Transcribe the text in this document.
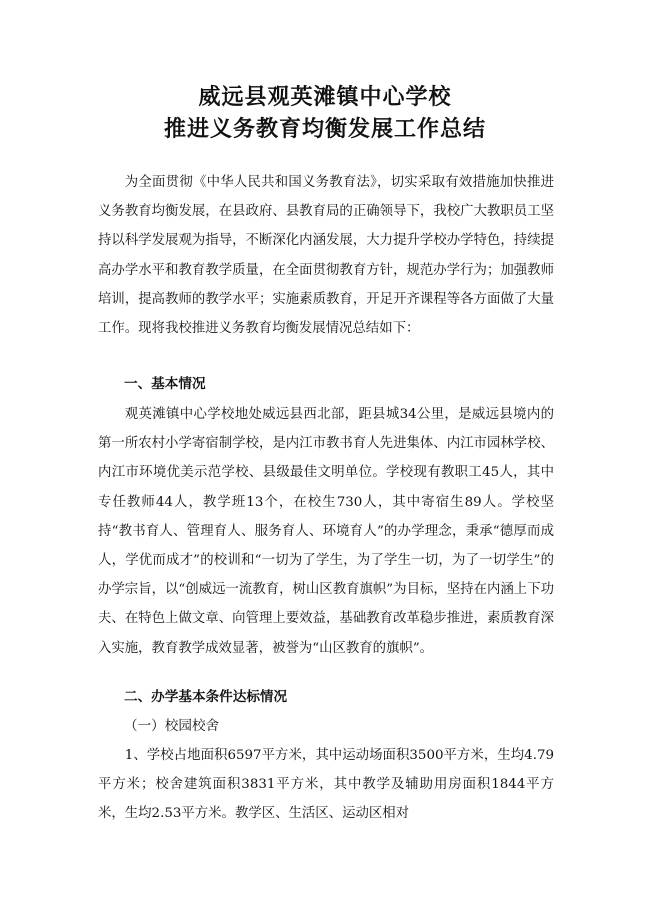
威远县观英滩镇中心学校
推进义务教育均衡发展工作总结

为全面贯彻《中华人民共和国义务教育法》，切实采取有效措施加快推进义务教育均衡发展，在县政府、县教育局的正确领导下，我校广大教职员工坚持以科学发展观为指导，不断深化内涵发展，大力提升学校办学特色，持续提高办学水平和教育教学质量，在全面贯彻教育方针，规范办学行为；加强教师培训，提高教师的教学水平；实施素质教育，开足开齐课程等各方面做了大量工作。现将我校推进义务教育均衡发展情况总结如下：

一、基本情况

观英滩镇中心学校地处威远县西北部，距县城34公里，是威远县境内的第一所农村小学寄宿制学校，是内江市教书育人先进集体、内江市园林学校、内江市环境优美示范学校、县级最佳文明单位。学校现有教职工45人，其中专任教师44人，教学班13个，在校生730人，其中寄宿生89人。学校坚持“教书育人、管理育人、服务育人、环境育人”的办学理念，秉承“德厚而成人，学优而成才”的校训和“一切为了学生，为了学生一切，为了一切学生”的办学宗旨，以“创威远一流教育，树山区教育旗帜”为目标，坚持在内涵上下功夫、在特色上做文章、向管理上要效益，基础教育改革稳步推进，素质教育深入实施，教育教学成效显著，被誉为“山区教育的旗帜”。

二、办学基本条件达标情况

（一）校园校舍

1、学校占地面积6597平方米，其中运动场面积3500平方米，生均4.79平方米；校舍建筑面积3831平方米，其中教学及辅助用房面积1844平方米，生均2.53平方米。教学区、生活区、运动区相对
